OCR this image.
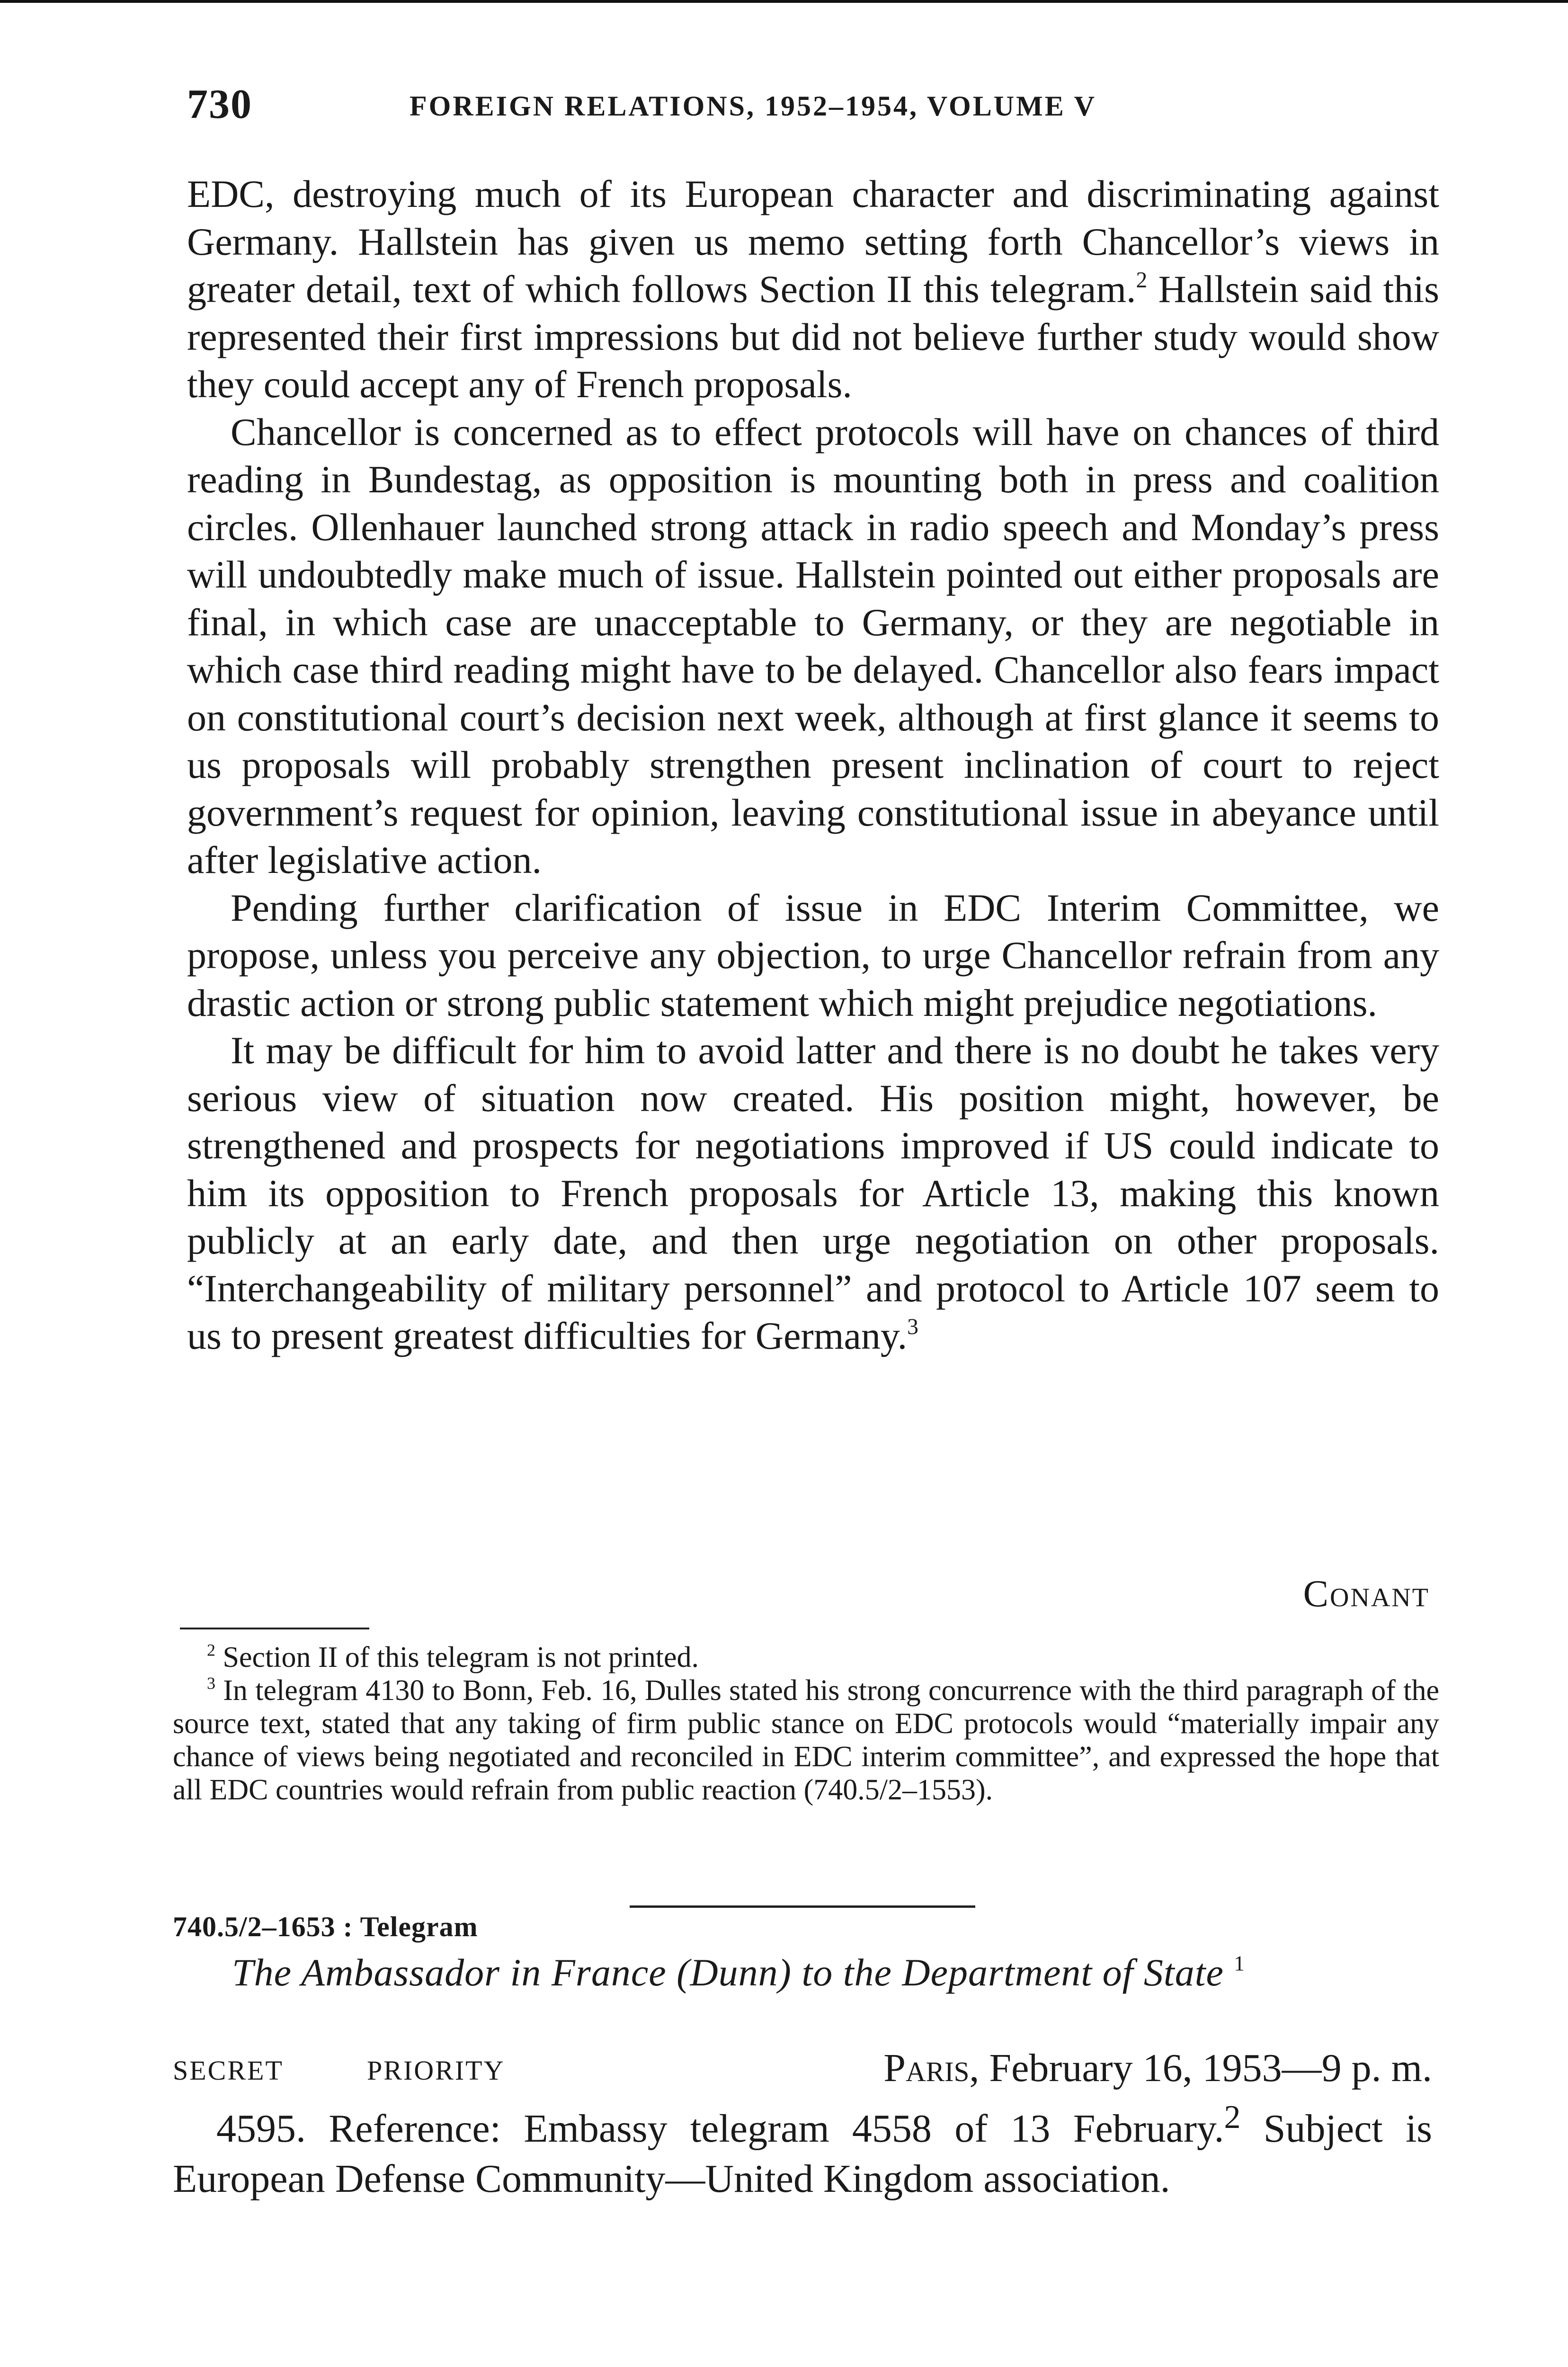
730	FOREIGN RELATIONS, 1952–1954, VOLUME V

EDC, destroying much of its European character and discriminating against Germany. Hallstein has given us memo setting forth Chancellor’s views in greater detail, text of which follows Section II this telegram.$^2$ Hallstein said this represented their first impressions but did not believe further study would show they could accept any of French proposals.

Chancellor is concerned as to effect protocols will have on chances of third reading in Bundestag, as opposition is mounting both in press and coalition circles. Ollenhauer launched strong attack in radio speech and Monday’s press will undoubtedly make much of issue. Hallstein pointed out either proposals are final, in which case are unacceptable to Germany, or they are negotiable in which case third reading might have to be delayed. Chancellor also fears impact on constitutional court’s decision next week, although at first glance it seems to us proposals will probably strengthen present inclination of court to reject government’s request for opinion, leaving constitutional issue in abeyance until after legislative action.

Pending further clarification of issue in EDC Interim Committee, we propose, unless you perceive any objection, to urge Chancellor refrain from any drastic action or strong public statement which might prejudice negotiations.

It may be difficult for him to avoid latter and there is no doubt he takes very serious view of situation now created. His position might, however, be strengthened and prospects for negotiations improved if US could indicate to him its opposition to French proposals for Article 13, making this known publicly at an early date, and then urge negotiation on other proposals. “Interchangeability of military personnel” and protocol to Article 107 seem to us to present greatest difficulties for Germany.$^3$

Conant

$^2$ Section II of this telegram is not printed.

$^3$ In telegram 4130 to Bonn, Feb. 16, Dulles stated his strong concurrence with the third paragraph of the source text, stated that any taking of firm public stance on EDC protocols would “materially impair any chance of views being negotiated and reconciled in EDC interim committee”, and expressed the hope that all EDC countries would refrain from public reaction (740.5/2–1553).

740.5/2–1653 : Telegram
The Ambassador in France (Dunn) to the Department of State $^1$
SECRET	PRIORITY	Paris, February 16, 1953—9 p. m.

4595. Reference: Embassy telegram 4558 of 13 February.$^2$ Subject is European Defense Community—United Kingdom association.
